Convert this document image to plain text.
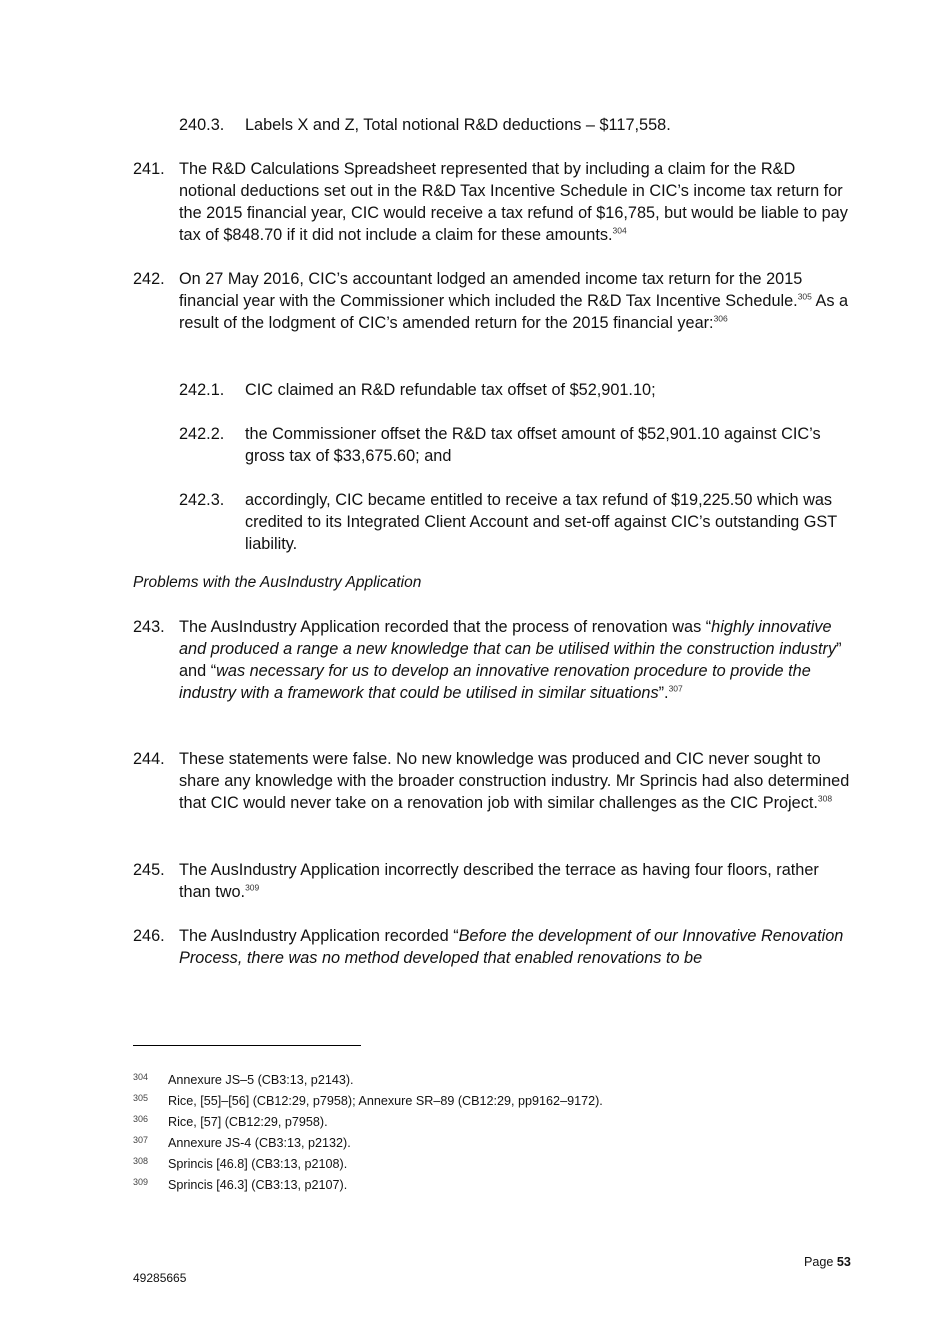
240.3.	Labels X and Z, Total notional R&D deductions – $117,558.
241. The R&D Calculations Spreadsheet represented that by including a claim for the R&D notional deductions set out in the R&D Tax Incentive Schedule in CIC’s income tax return for the 2015 financial year, CIC would receive a tax refund of $16,785, but would be liable to pay tax of $848.70 if it did not include a claim for these amounts.$^{304}$
242. On 27 May 2016, CIC’s accountant lodged an amended income tax return for the 2015 financial year with the Commissioner which included the R&D Tax Incentive Schedule.$^{305}$ As a result of the lodgment of CIC’s amended return for the 2015 financial year:$^{306}$
242.1.	CIC claimed an R&D refundable tax offset of $52,901.10;
242.2.	the Commissioner offset the R&D tax offset amount of $52,901.10 against CIC’s gross tax of $33,675.60; and
242.3.	accordingly, CIC became entitled to receive a tax refund of $19,225.50 which was credited to its Integrated Client Account and set-off against CIC’s outstanding GST liability.
Problems with the AusIndustry Application
243. The AusIndustry Application recorded that the process of renovation was “highly innovative and produced a range a new knowledge that can be utilised within the construction industry” and “was necessary for us to develop an innovative renovation procedure to provide the industry with a framework that could be utilised in similar situations”.$^{307}$
244. These statements were false. No new knowledge was produced and CIC never sought to share any knowledge with the broader construction industry. Mr Sprincis had also determined that CIC would never take on a renovation job with similar challenges as the CIC Project.$^{308}$
245. The AusIndustry Application incorrectly described the terrace as having four floors, rather than two.$^{309}$
246. The AusIndustry Application recorded “Before the development of our Innovative Renovation Process, there was no method developed that enabled renovations to be
304 Annexure JS–5 (CB3:13, p2143).
305 Rice, [55]–[56] (CB12:29, p7958); Annexure SR–89 (CB12:29, pp9162–9172).
306 Rice, [57] (CB12:29, p7958).
307 Annexure JS-4 (CB3:13, p2132).
308 Sprincis [46.8] (CB3:13, p2108).
309 Sprincis [46.3] (CB3:13, p2107).
Page 53
49285665
